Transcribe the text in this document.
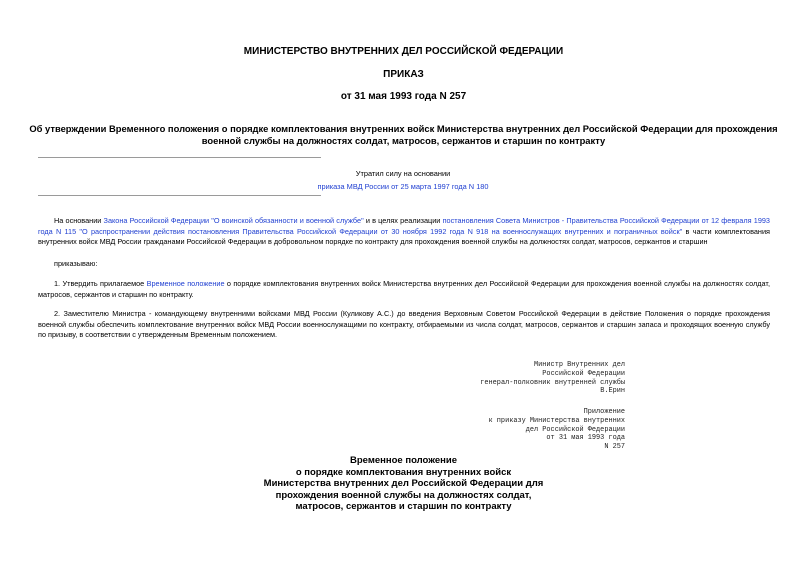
МИНИСТЕРСТВО ВНУТРЕННИХ ДЕЛ РОССИЙСКОЙ ФЕДЕРАЦИИ
ПРИКАЗ
от 31 мая 1993 года N 257
Об утверждении Временного положения о порядке комплектования внутренних войск Министерства внутренних дел Российской Федерации для прохождения военной службы на должностях солдат, матросов, сержантов и старшин по контракту
Утратил силу на основании
приказа МВД России от 25 марта 1997 года N 180
На основании Закона Российской Федерации "О воинской обязанности и военной службе" и в целях реализации постановления Совета Министров - Правительства Российской Федерации от 12 февраля 1993 года N 115 "О распространении действия постановления Правительства Российской Федерации от 30 ноября 1992 года N 918 на военнослужащих внутренних и пограничных войск" в части комплектования внутренних войск МВД России гражданами Российской Федерации в добровольном порядке по контракту для прохождения военной службы на должностях солдат, матросов, сержантов и старшин
приказываю:
1. Утвердить прилагаемое Временное положение о порядке комплектования внутренних войск Министерства внутренних дел Российской Федерации для прохождения военной службы на должностях солдат, матросов, сержантов и старшин по контракту.
2. Заместителю Министра - командующему внутренними войсками МВД России (Куликову А.С.) до введения Верховным Советом Российской Федерации в действие Положения о порядке прохождения военной службы обеспечить комплектование внутренних войск МВД России военнослужащими по контракту, отбираемыми из числа солдат, матросов, сержантов и старшин запаса и проходящих военную службу по призыву, в соответствии с утвержденным Временным положением.
Министр Внутренних дел
Российской Федерации
генерал-полковник внутренней службы
В.Ерин
Приложение
к приказу Министерства внутренних
дел Российской Федерации
от 31 мая 1993 года
N 257
Временное положение
о порядке комплектования внутренних войск
Министерства внутренних дел Российской Федерации для
прохождения военной службы на должностях солдат,
матросов, сержантов и старшин по контракту
